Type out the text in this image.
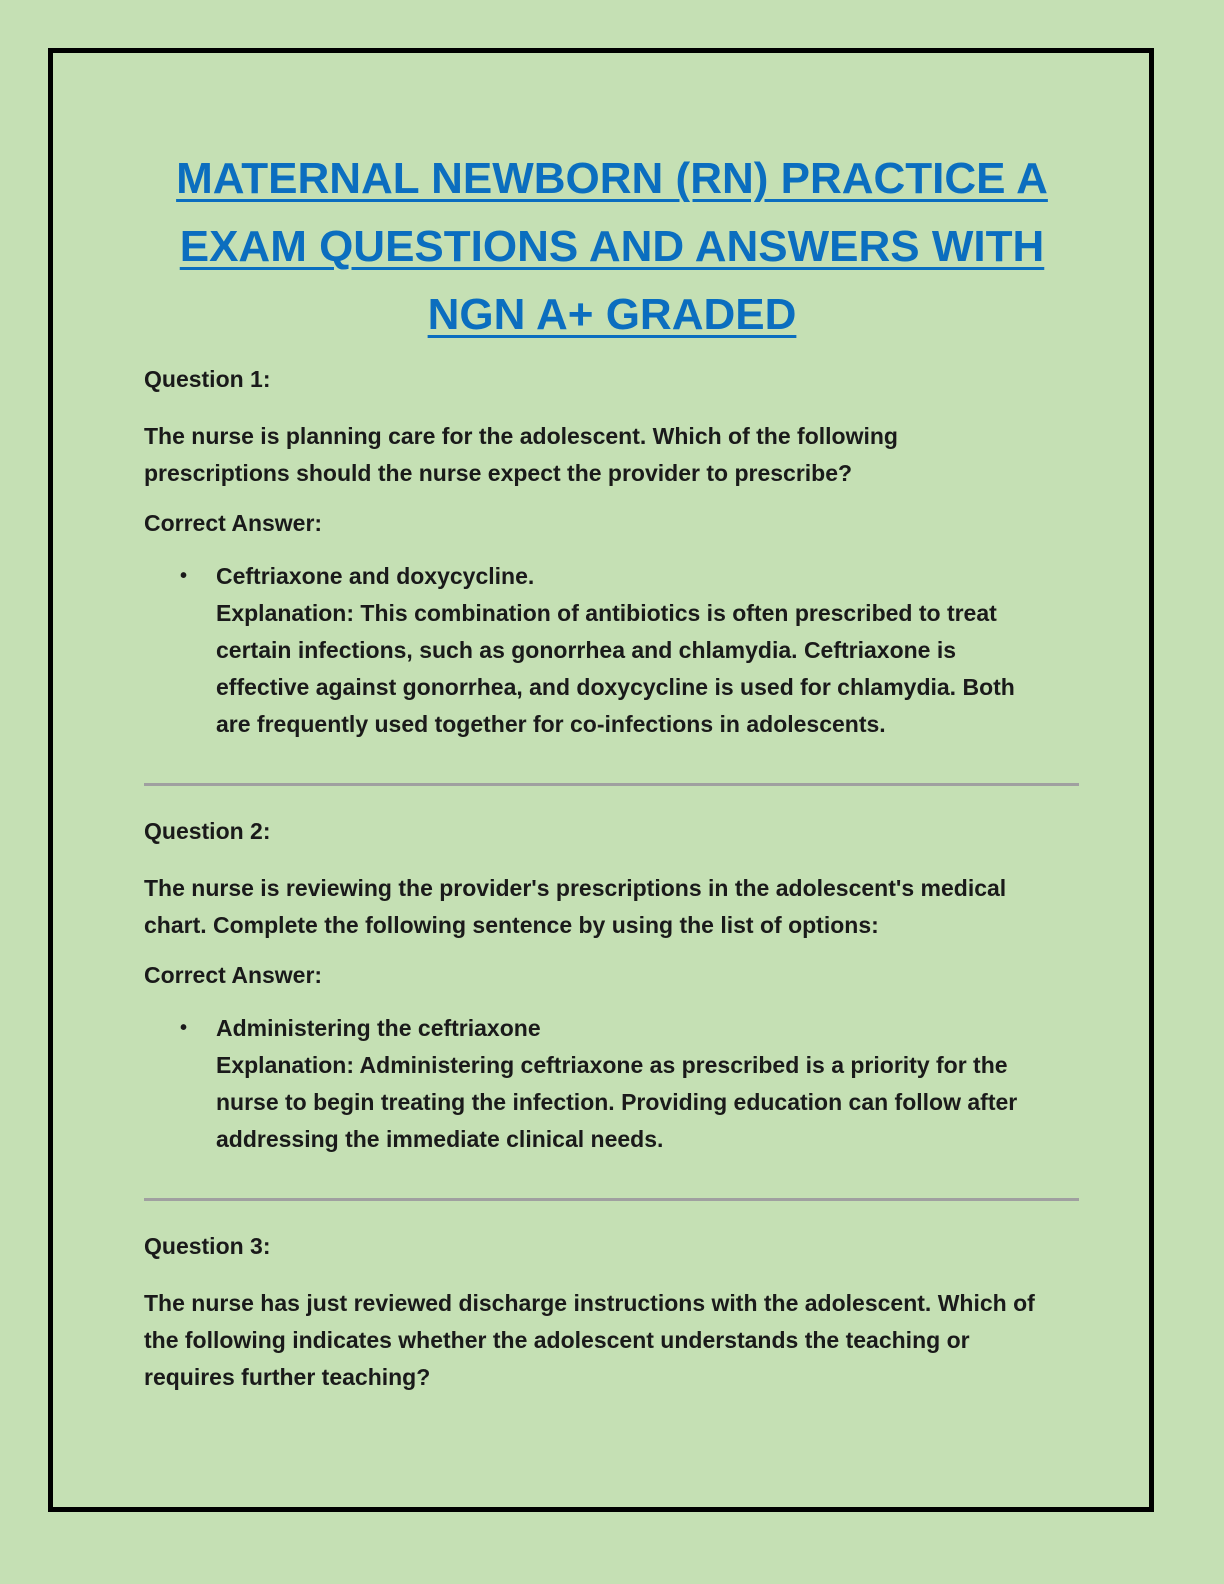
MATERNAL NEWBORN (RN) PRACTICE A
EXAM QUESTIONS AND ANSWERS WITH
NGN A+ GRADED
Question 1:
The nurse is planning care for the adolescent. Which of the following
prescriptions should the nurse expect the provider to prescribe?
Correct Answer:
• Ceftriaxone and doxycycline.
Explanation: This combination of antibiotics is often prescribed to treat
certain infections, such as gonorrhea and chlamydia. Ceftriaxone is
effective against gonorrhea, and doxycycline is used for chlamydia. Both
are frequently used together for co-infections in adolescents.
Question 2:
The nurse is reviewing the provider's prescriptions in the adolescent's medical
chart. Complete the following sentence by using the list of options:
Correct Answer:
• Administering the ceftriaxone
Explanation: Administering ceftriaxone as prescribed is a priority for the
nurse to begin treating the infection. Providing education can follow after
addressing the immediate clinical needs.
Question 3:
The nurse has just reviewed discharge instructions with the adolescent. Which of
the following indicates whether the adolescent understands the teaching or
requires further teaching?
